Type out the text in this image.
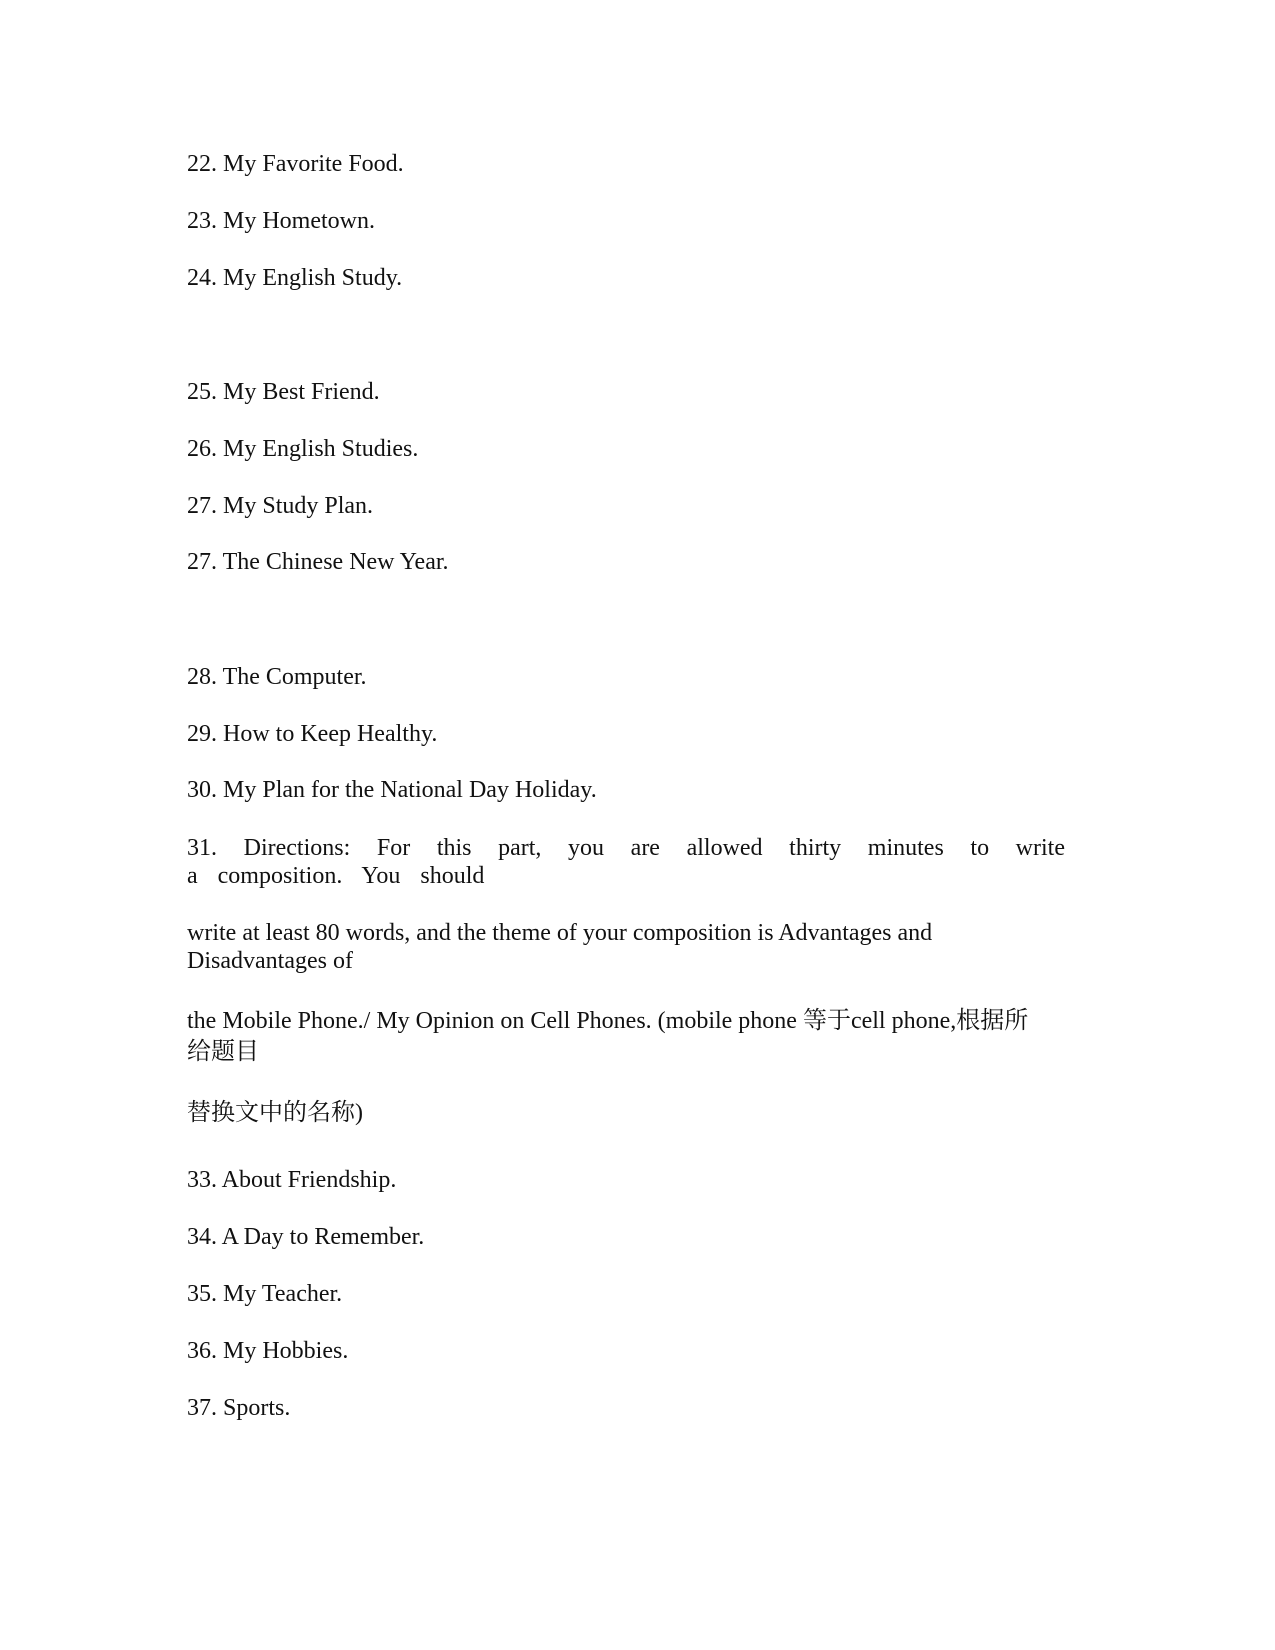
22. My Favorite Food.
23. My Hometown.
24. My English Study.
25. My Best Friend.
26. My English Studies.
27. My Study Plan.
27. The Chinese New Year.
28. The Computer.
29. How to Keep Healthy.
30. My Plan for the National Day Holiday.
31. Directions: For this part, you are allowed thirty minutes to write
a composition. You should
write at least 80 words, and the theme of your composition is Advantages and
Disadvantages of
the Mobile Phone./ My Opinion on Cell Phones. (mobile phone 等于cell phone,根据所
给题目
替换文中的名称)
33. About Friendship.
34. A Day to Remember.
35. My Teacher.
36. My Hobbies.
37. Sports.
